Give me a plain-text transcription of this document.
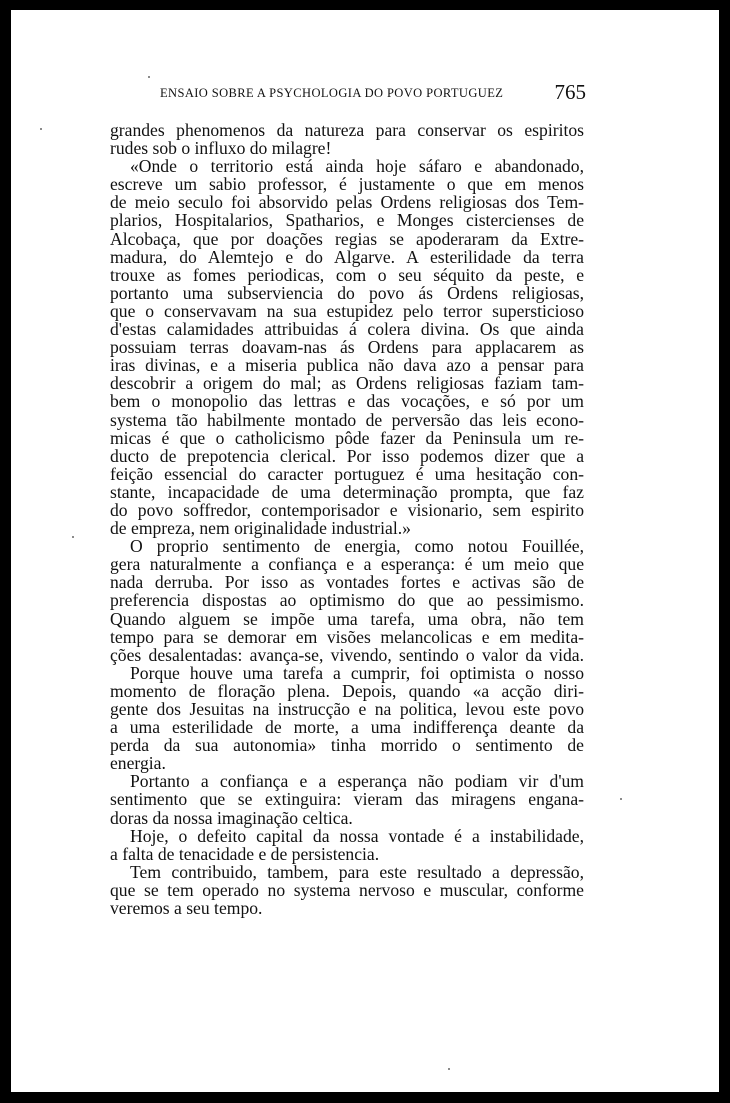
ENSAIO SOBRE A PSYCHOLOGIA DO POVO PORTUGUEZ 765
grandes phenomenos da natureza para conservar os espiritos
rudes sob o influxo do milagre!
«Onde o territorio está ainda hoje sáfaro e abandonado,
escreve um sabio professor, é justamente o que em menos
de meio seculo foi absorvido pelas Ordens religiosas dos Tem-
plarios, Hospitalarios, Spatharios, e Monges cistercienses de
Alcobaça, que por doações regias se apoderaram da Extre-
madura, do Alemtejo e do Algarve. A esterilidade da terra
trouxe as fomes periodicas, com o seu séquito da peste, e
portanto uma subserviencia do povo ás Ordens religiosas,
que o conservavam na sua estupidez pelo terror supersticioso
d'estas calamidades attribuidas á colera divina. Os que ainda
possuiam terras doavam-nas ás Ordens para applacarem as
iras divinas, e a miseria publica não dava azo a pensar para
descobrir a origem do mal; as Ordens religiosas faziam tam-
bem o monopolio das lettras e das vocações, e só por um
systema tão habilmente montado de perversão das leis econo-
micas é que o catholicismo pôde fazer da Peninsula um re-
ducto de prepotencia clerical. Por isso podemos dizer que a
feição essencial do caracter portuguez é uma hesitação con-
stante, incapacidade de uma determinação prompta, que faz
do povo soffredor, contemporisador e visionario, sem espirito
de empreza, nem originalidade industrial.»
O proprio sentimento de energia, como notou Fouillée,
gera naturalmente a confiança e a esperança: é um meio que
nada derruba. Por isso as vontades fortes e activas são de
preferencia dispostas ao optimismo do que ao pessimismo.
Quando alguem se impõe uma tarefa, uma obra, não tem
tempo para se demorar em visões melancolicas e em medita-
ções desalentadas: avança-se, vivendo, sentindo o valor da vida.
Porque houve uma tarefa a cumprir, foi optimista o nosso
momento de floração plena. Depois, quando «a acção diri-
gente dos Jesuitas na instrucção e na politica, levou este povo
a uma esterilidade de morte, a uma indifferença deante da
perda da sua autonomia» tinha morrido o sentimento de
energia.
Portanto a confiança e a esperança não podiam vir d'um
sentimento que se extinguira: vieram das miragens engana-
doras da nossa imaginação celtica.
Hoje, o defeito capital da nossa vontade é a instabilidade,
a falta de tenacidade e de persistencia.
Tem contribuido, tambem, para este resultado a depressão,
que se tem operado no systema nervoso e muscular, conforme
veremos a seu tempo.
